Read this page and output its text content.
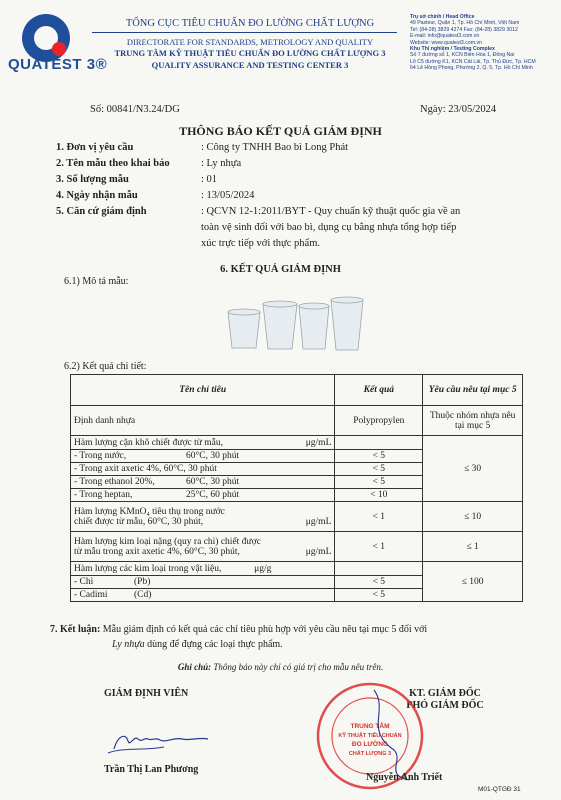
QUATEST 3®
TỔNG CỤC TIÊU CHUẨN ĐO LƯỜNG CHẤT LƯỢNG
DIRECTORATE FOR STANDARDS, METROLOGY AND QUALITY
TRUNG TÂM KỸ THUẬT TIÊU CHUẨN ĐO LƯỜNG CHẤT LƯỢNG 3
QUALITY ASSURANCE AND TESTING CENTER 3
Trụ sở chính / Head Office
49 Pasteur, Quận 1, Tp. Hồ Chí Minh, Việt Nam
Tel: (84-28) 3829 4274 Fax: (84-28) 3829 3012
E-mail: info@quatest3.com.vn
Website: www.quatest3.com.vn
Khu Thí nghiệm / Testing Complex
Số 7 đường số 1, KCN Biên Hòa 1, Đồng Nai
Lô C5 đường K1, KCN Cát Lái, Tp. Thủ Đức, Tp. HCM
64 Lê Hồng Phong, Phường 2, Q. 5, Tp. Hồ Chí Minh
Số: 00841/N3.24/DG	Ngày: 23/05/2024
THÔNG BÁO KẾT QUẢ GIÁM ĐỊNH
1. Đơn vị yêu cầu	: Công ty TNHH Bao bì Long Phát
2. Tên mẫu theo khai báo	: Ly nhựa
3. Số lượng mẫu	: 01
4. Ngày nhận mẫu	: 13/05/2024
5. Căn cứ giám định	: QCVN 12-1:2011/BYT - Quy chuẩn kỹ thuật quốc gia về an
toàn vệ sinh đối với bao bì, dụng cụ bằng nhựa tổng hợp tiếp
xúc trực tiếp với thực phẩm.
6. KẾT QUẢ GIÁM ĐỊNH
6.1) Mô tả mẫu:
6.2) Kết quả chi tiết:
Tên chỉ tiêu	Kết quả	Yêu cầu nêu tại mục 5
Định danh nhựa	Polypropylen	Thuộc nhóm nhựa nêu tại mục 5
Hàm lượng cặn khô chiết được từ mẫu, μg/mL		≤ 30
- Trong nước, 60°C, 30 phút	< 5	
- Trong axit axetic 4%, 60°C, 30 phút	< 5	
- Trong ethanol 20%, 60°C, 30 phút	< 5	
- Trong heptan, 25°C, 60 phút	< 10	

Hàm lượng KMnO₄ tiêu thụ trong nước
chiết được từ mẫu, 60°C, 30 phút, μg/mL	< 1	≤ 10

Hàm lượng kim loại nặng (quy ra chì) chiết được
từ mẫu trong axit axetic 4%, 60°C, 30 phút, μg/mL	< 1	≤ 1
Hàm lượng các kim loại trong vật liệu, μg/g		≤ 100
- Chì (Pb)	< 5	
- Cadimi (Cd)	< 5	
7. Kết luận: Mẫu giám định có kết quả các chỉ tiêu phù hợp với yêu cầu nêu tại mục 5 đối với
Ly nhựa dùng để đựng các loại thực phẩm.
Ghi chú: Thông báo này chỉ có giá trị cho mẫu nêu trên.
GIÁM ĐỊNH VIÊN
Trần Thị Lan Phương
KT. GIÁM ĐỐC
PHÓ GIÁM ĐỐC
TRUNG TÂM
KỸ THUẬT TIÊU CHUẨN
ĐO LƯỜNG
CHẤT LƯỢNG 3
Nguyễn Anh Triết
M01-QTGĐ 31
